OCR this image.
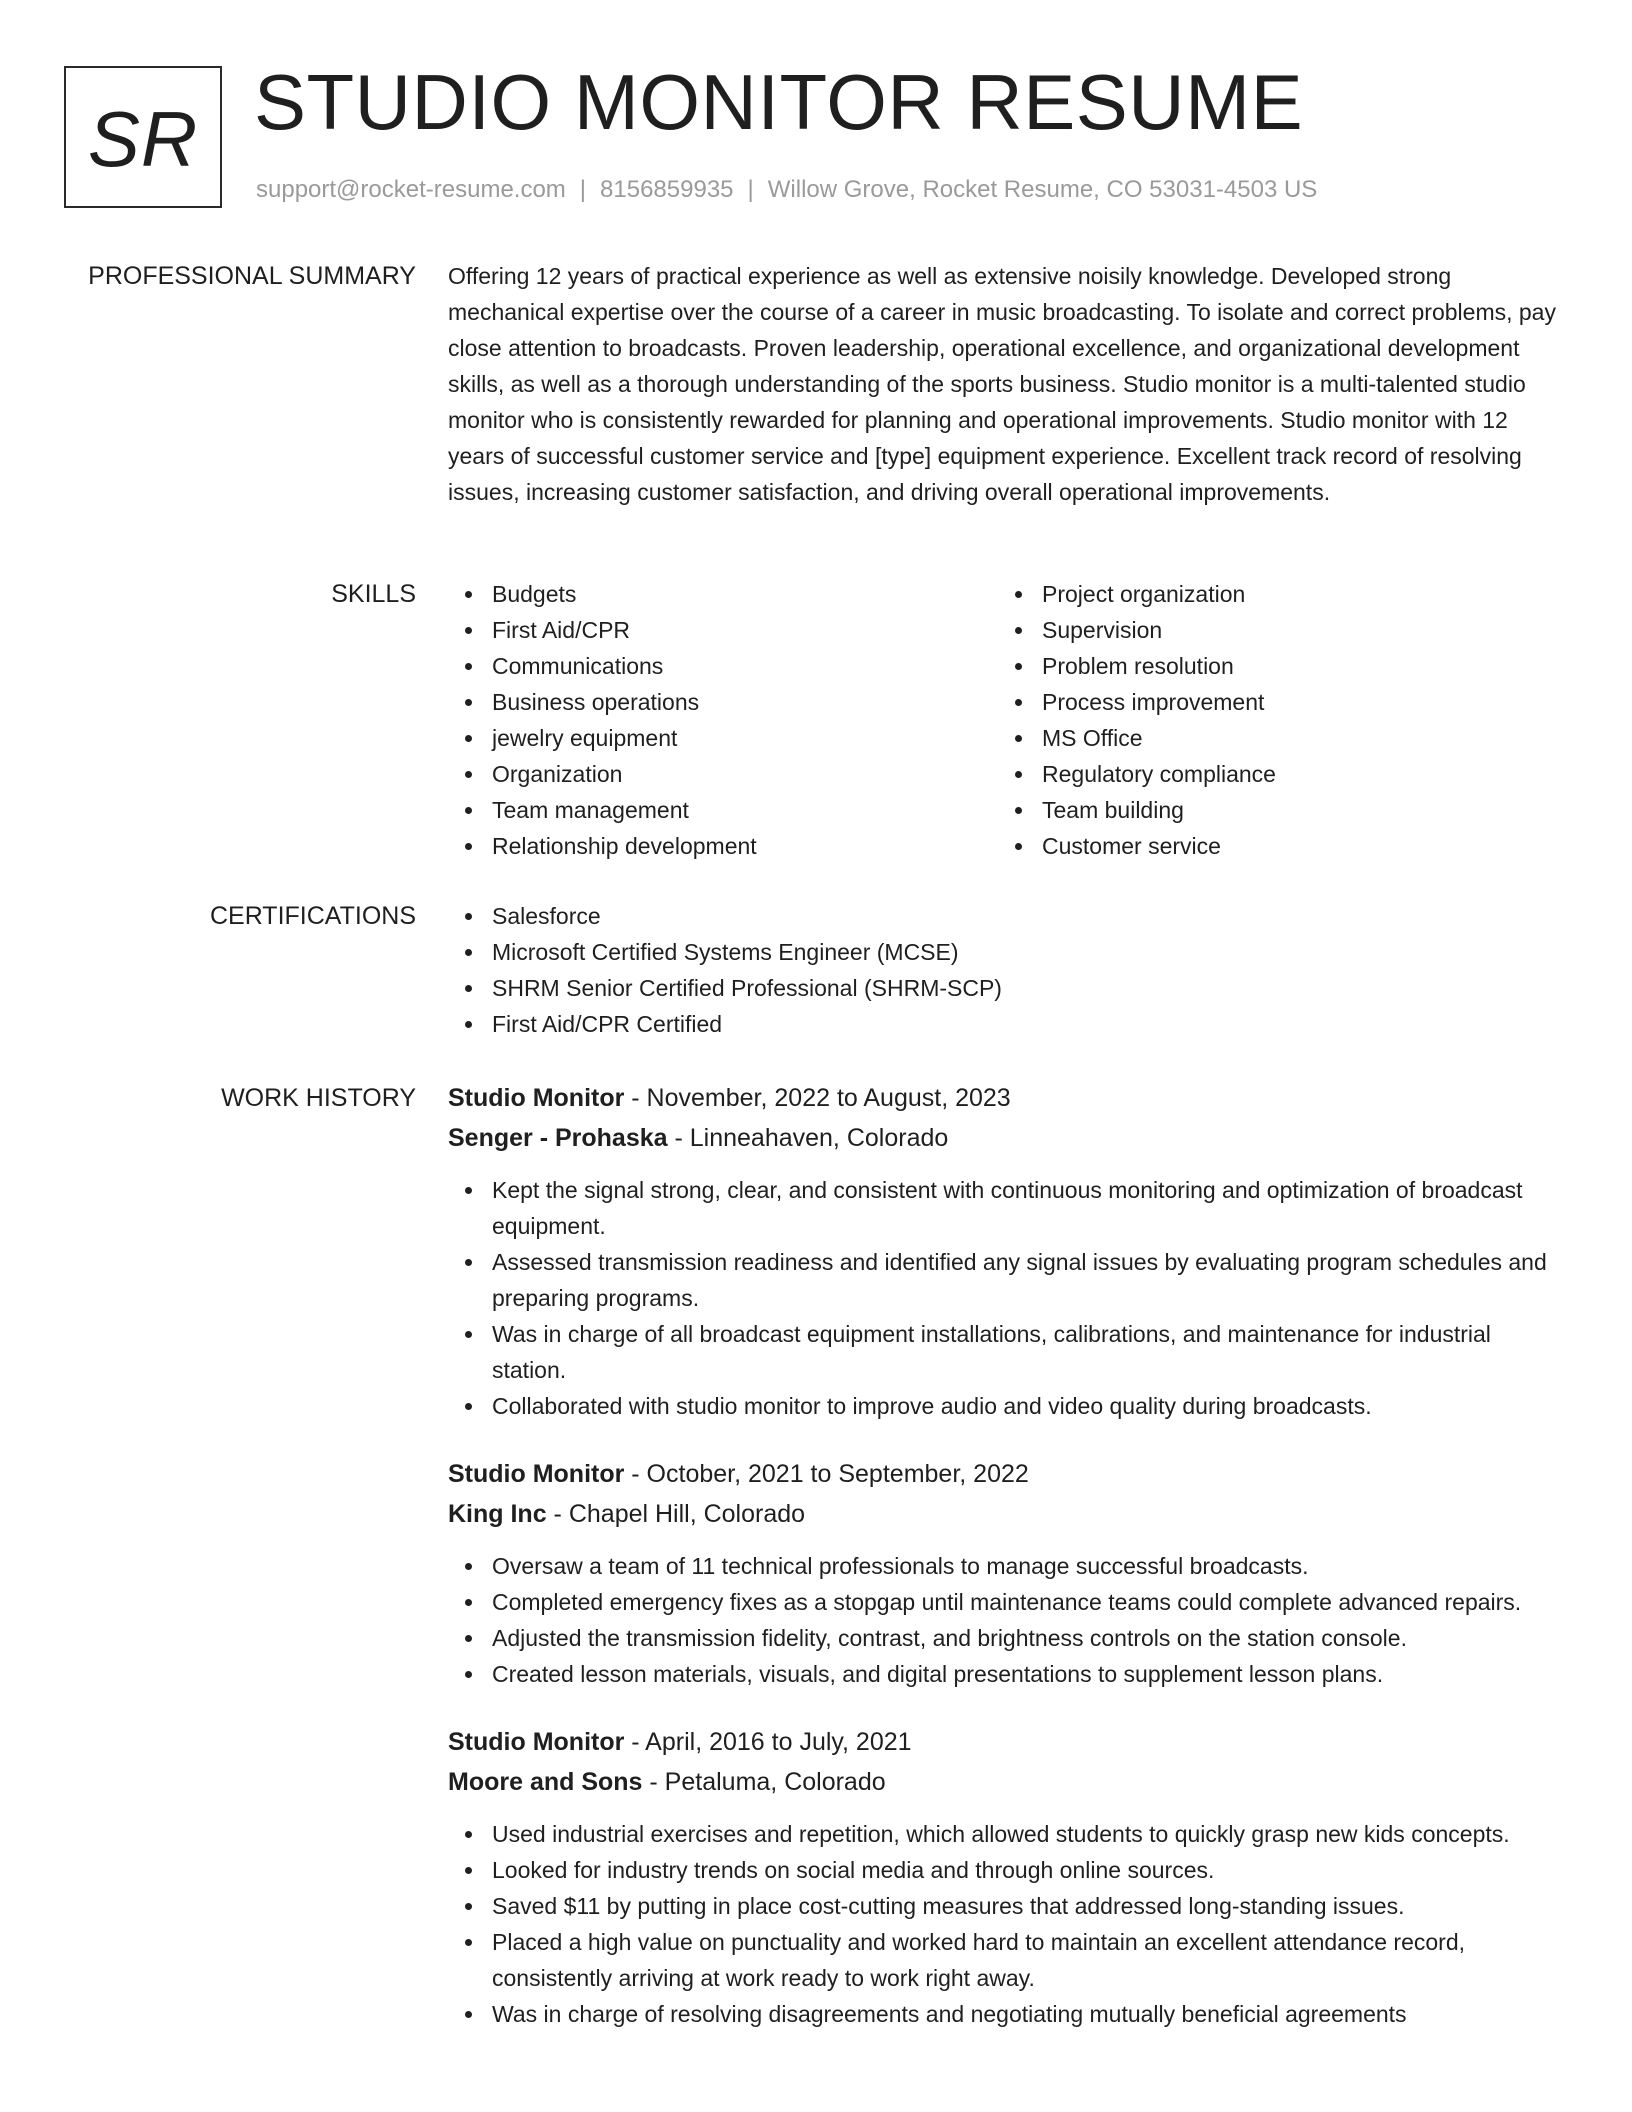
SR STUDIO MONITOR RESUME
support@rocket-resume.com | 8156859935 | Willow Grove, Rocket Resume, CO 53031-4503 US
PROFESSIONAL SUMMARY Offering 12 years of practical experience as well as extensive noisily knowledge. Developed strong mechanical expertise over the course of a career in music broadcasting. To isolate and correct problems, pay close attention to broadcasts. Proven leadership, operational excellence, and organizational development skills, as well as a thorough understanding of the sports business. Studio monitor is a multi-talented studio monitor who is consistently rewarded for planning and operational improvements. Studio monitor with 12 years of successful customer service and [type] equipment experience. Excellent track record of resolving issues, increasing customer satisfaction, and driving overall operational improvements.

SKILLS	Budgets
First Aid/CPR
Communications
Business operations
jewelry equipment
Organization
Team management
Relationship development
Project organization
Supervision
Problem resolution
Process improvement
MS Office
Regulatory compliance
Team building
Customer service
CERTIFICATIONS	Salesforce
Microsoft Certified Systems Engineer (MCSE)
SHRM Senior Certified Professional (SHRM-SCP)
First Aid/CPR Certified
WORK HISTORY Studio Monitor - November, 2022 to August, 2023
Senger - Prohaska - Linneahaven, Colorado
Kept the signal strong, clear, and consistent with continuous monitoring and optimization of broadcast equipment.
Assessed transmission readiness and identified any signal issues by evaluating program schedules and preparing programs.
Was in charge of all broadcast equipment installations, calibrations, and maintenance for industrial station.
Collaborated with studio monitor to improve audio and video quality during broadcasts.
Studio Monitor - October, 2021 to September, 2022
King Inc - Chapel Hill, Colorado
Oversaw a team of 11 technical professionals to manage successful broadcasts.
Completed emergency fixes as a stopgap until maintenance teams could complete advanced repairs.
Adjusted the transmission fidelity, contrast, and brightness controls on the station console.
Created lesson materials, visuals, and digital presentations to supplement lesson plans.
Studio Monitor - April, 2016 to July, 2021
Moore and Sons - Petaluma, Colorado
Used industrial exercises and repetition, which allowed students to quickly grasp new kids concepts.
Looked for industry trends on social media and through online sources.
Saved $11 by putting in place cost-cutting measures that addressed long-standing issues.
Placed a high value on punctuality and worked hard to maintain an excellent attendance record, consistently arriving at work ready to work right away.
Was in charge of resolving disagreements and negotiating mutually beneficial agreements
